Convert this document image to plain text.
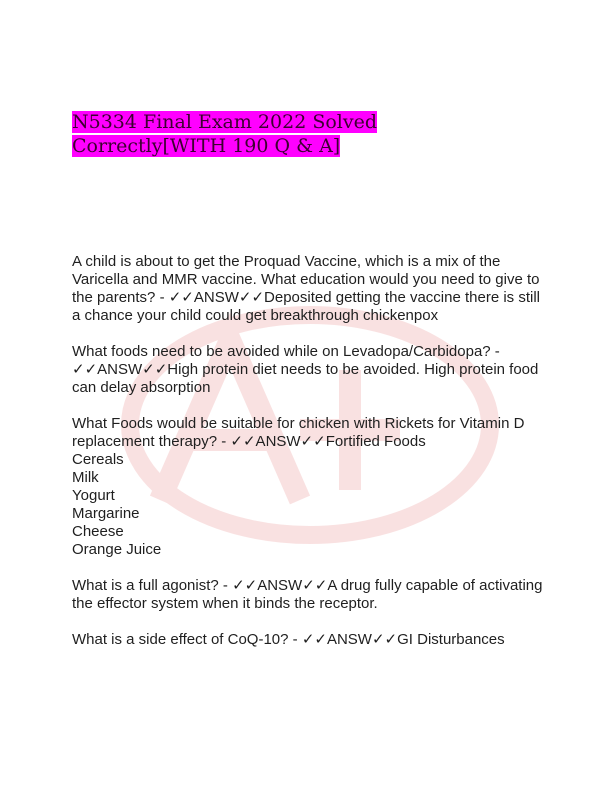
N5334 Final Exam 2022 Solved Correctly[WITH 190 Q & A]
A child is about to get the Proquad Vaccine, which is a mix of the Varicella and MMR vaccine. What education would you need to give to the parents? - ✓✓ANSW✓✓Deposited getting the vaccine there is still a chance your child could get breakthrough chickenpox
What foods need to be avoided while on Levadopa/Carbidopa? - ✓✓ANSW✓✓High protein diet needs to be avoided. High protein food can delay absorption
What Foods would be suitable for chicken with Rickets for Vitamin D replacement therapy? - ✓✓ANSW✓✓Fortified Foods
Cereals
Milk
Yogurt
Margarine
Cheese
Orange Juice
What is a full agonist? - ✓✓ANSW✓✓A drug fully capable of activating the effector system when it binds the receptor.
What is a side effect of CoQ-10? - ✓✓ANSW✓✓GI Disturbances
